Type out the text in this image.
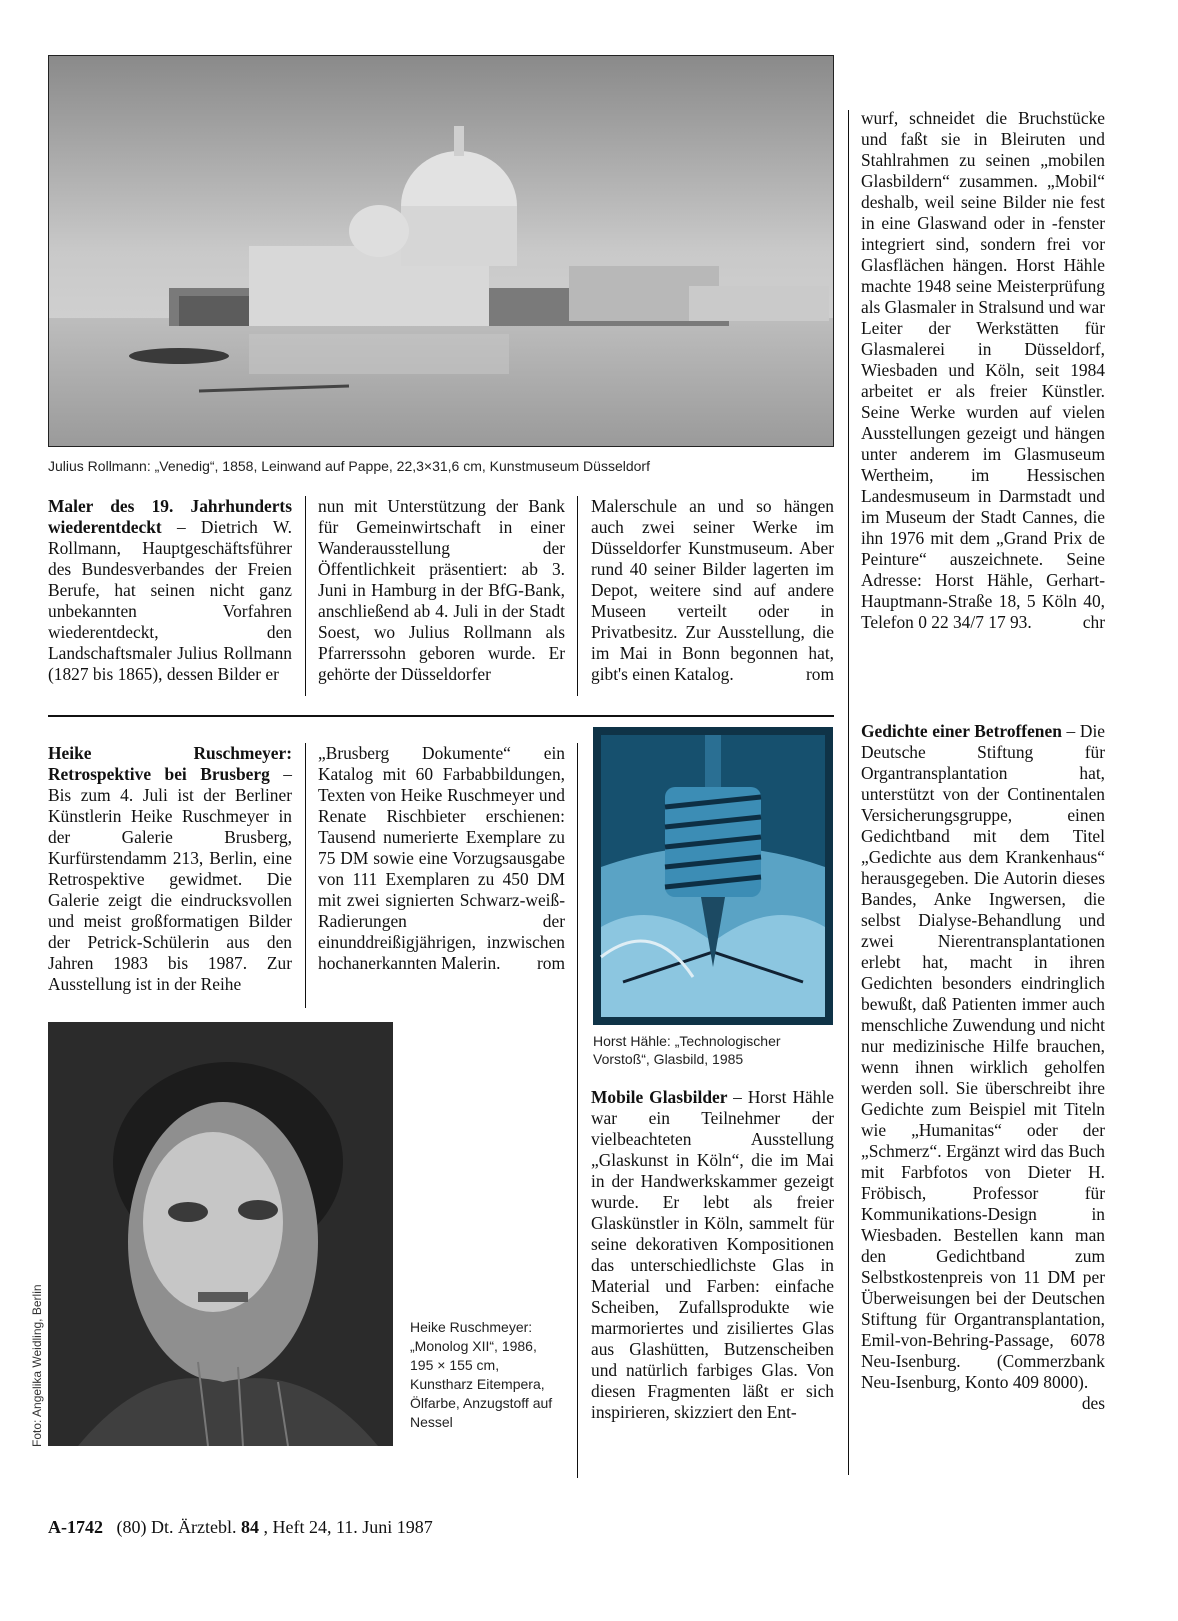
Julius Rollmann: „Venedig“, 1858, Leinwand auf Pappe, 22,3×31,6 cm, Kunstmuseum Düsseldorf
Maler des 19. Jahrhunderts wiederentdeckt – Dietrich W. Rollmann, Hauptgeschäftsführer des Bundesverbandes der Freien Berufe, hat seinen nicht ganz unbekannten Vorfahren wiederentdeckt, den Landschaftsmaler Julius Rollmann (1827 bis 1865), dessen Bilder er
nun mit Unterstützung der Bank für Gemeinwirtschaft in einer Wanderausstellung der Öffentlichkeit präsentiert: ab 3. Juni in Hamburg in der BfG-Bank, anschließend ab 4. Juli in der Stadt Soest, wo Julius Rollmann als Pfarrerssohn geboren wurde. Er gehörte der Düsseldorfer
Malerschule an und so hängen auch zwei seiner Werke im Düsseldorfer Kunstmuseum. Aber rund 40 seiner Bilder lagerten im Depot, weitere sind auf andere Museen verteilt oder in Privatbesitz. Zur Ausstellung, die im Mai in Bonn begonnen hat, gibt's einen Katalog.	rom
wurf, schneidet die Bruchstücke und faßt sie in Bleiruten und Stahlrahmen zu seinen „mobilen Glasbildern“ zusammen. „Mobil“ deshalb, weil seine Bilder nie fest in eine Glaswand oder in -fenster integriert sind, sondern frei vor Glasflächen hängen. Horst Hähle machte 1948 seine Meisterprüfung als Glasmaler in Stralsund und war Leiter der Werkstätten für Glasmalerei in Düsseldorf, Wiesbaden und Köln, seit 1984 arbeitet er als freier Künstler. Seine Werke wurden auf vielen Ausstellungen gezeigt und hängen unter anderem im Glasmuseum Wertheim, im Hessischen Landesmuseum in Darmstadt und im Museum der Stadt Cannes, die ihn 1976 mit dem „Grand Prix de Peinture“ auszeichnete. Seine Adresse: Horst Hähle, Gerhart-Hauptmann-Straße 18, 5 Köln 40, Telefon 0 22 34/7 17 93.	chr
Heike Ruschmeyer: Retrospektive bei Brusberg – Bis zum 4. Juli ist der Berliner Künstlerin Heike Ruschmeyer in der Galerie Brusberg, Kurfürstendamm 213, Berlin, eine Retrospektive gewidmet. Die Galerie zeigt die eindrucksvollen und meist großformatigen Bilder der Petrick-Schülerin aus den Jahren 1983 bis 1987. Zur Ausstellung ist in der Reihe
„Brusberg Dokumente“ ein Katalog mit 60 Farbabbildungen, Texten von Heike Ruschmeyer und Renate Rischbieter erschienen: Tausend numerierte Exemplare zu 75 DM sowie eine Vorzugsausgabe von 111 Exemplaren zu 450 DM mit zwei signierten Schwarz-weiß-Radierungen der einunddreißigjährigen, inzwischen hochanerkannten Malerin. rom
Horst Hähle: „Technologischer Vorstoß“, Glasbild, 1985
Mobile Glasbilder – Horst Hähle war ein Teilnehmer der vielbeachteten Ausstellung „Glaskunst in Köln“, die im Mai in der Handwerkskammer gezeigt wurde. Er lebt als freier Glaskünstler in Köln, sammelt für seine dekorativen Kompositionen das unterschiedlichste Glas in Material und Farben: einfache Scheiben, Zufallsprodukte wie marmoriertes und zisiliertes Glas aus Glashütten, Butzenscheiben und natürlich farbiges Glas. Von diesen Fragmenten läßt er sich inspirieren, skizziert den Ent-
Foto: Angelika Weidling, Berlin	Heike Ruschmeyer: „Monolog XII“, 1986, 195 × 155 cm, Kunstharz Eitempera, Ölfarbe, Anzugstoff auf Nessel
Gedichte einer Betroffenen – Die Deutsche Stiftung für Organtransplantation hat, unterstützt von der Continentalen Versicherungsgruppe, einen Gedichtband mit dem Titel „Gedichte aus dem Krankenhaus“ herausgegeben. Die Autorin dieses Bandes, Anke Ingwersen, die selbst Dialyse-Behandlung und zwei Nierentransplantationen erlebt hat, macht in ihren Gedichten besonders eindringlich bewußt, daß Patienten immer auch menschliche Zuwendung und nicht nur medizinische Hilfe brauchen, wenn ihnen wirklich geholfen werden soll. Sie überschreibt ihre Gedichte zum Beispiel mit Titeln wie „Humanitas“ oder der „Schmerz“. Ergänzt wird das Buch mit Farbfotos von Dieter H. Fröbisch, Professor für Kommunikations-Design in Wiesbaden. Bestellen kann man den Gedichtband zum Selbstkostenpreis von 11 DM per Überweisungen bei der Deutschen Stiftung für Organtransplantation, Emil-von-Behring-Passage, 6078 Neu-Isenburg. (Commerzbank Neu-Isenburg, Konto 409 8000).
des
A-1742   (80) Dt. Ärztebl. 84 , Heft 24, 11. Juni 1987
